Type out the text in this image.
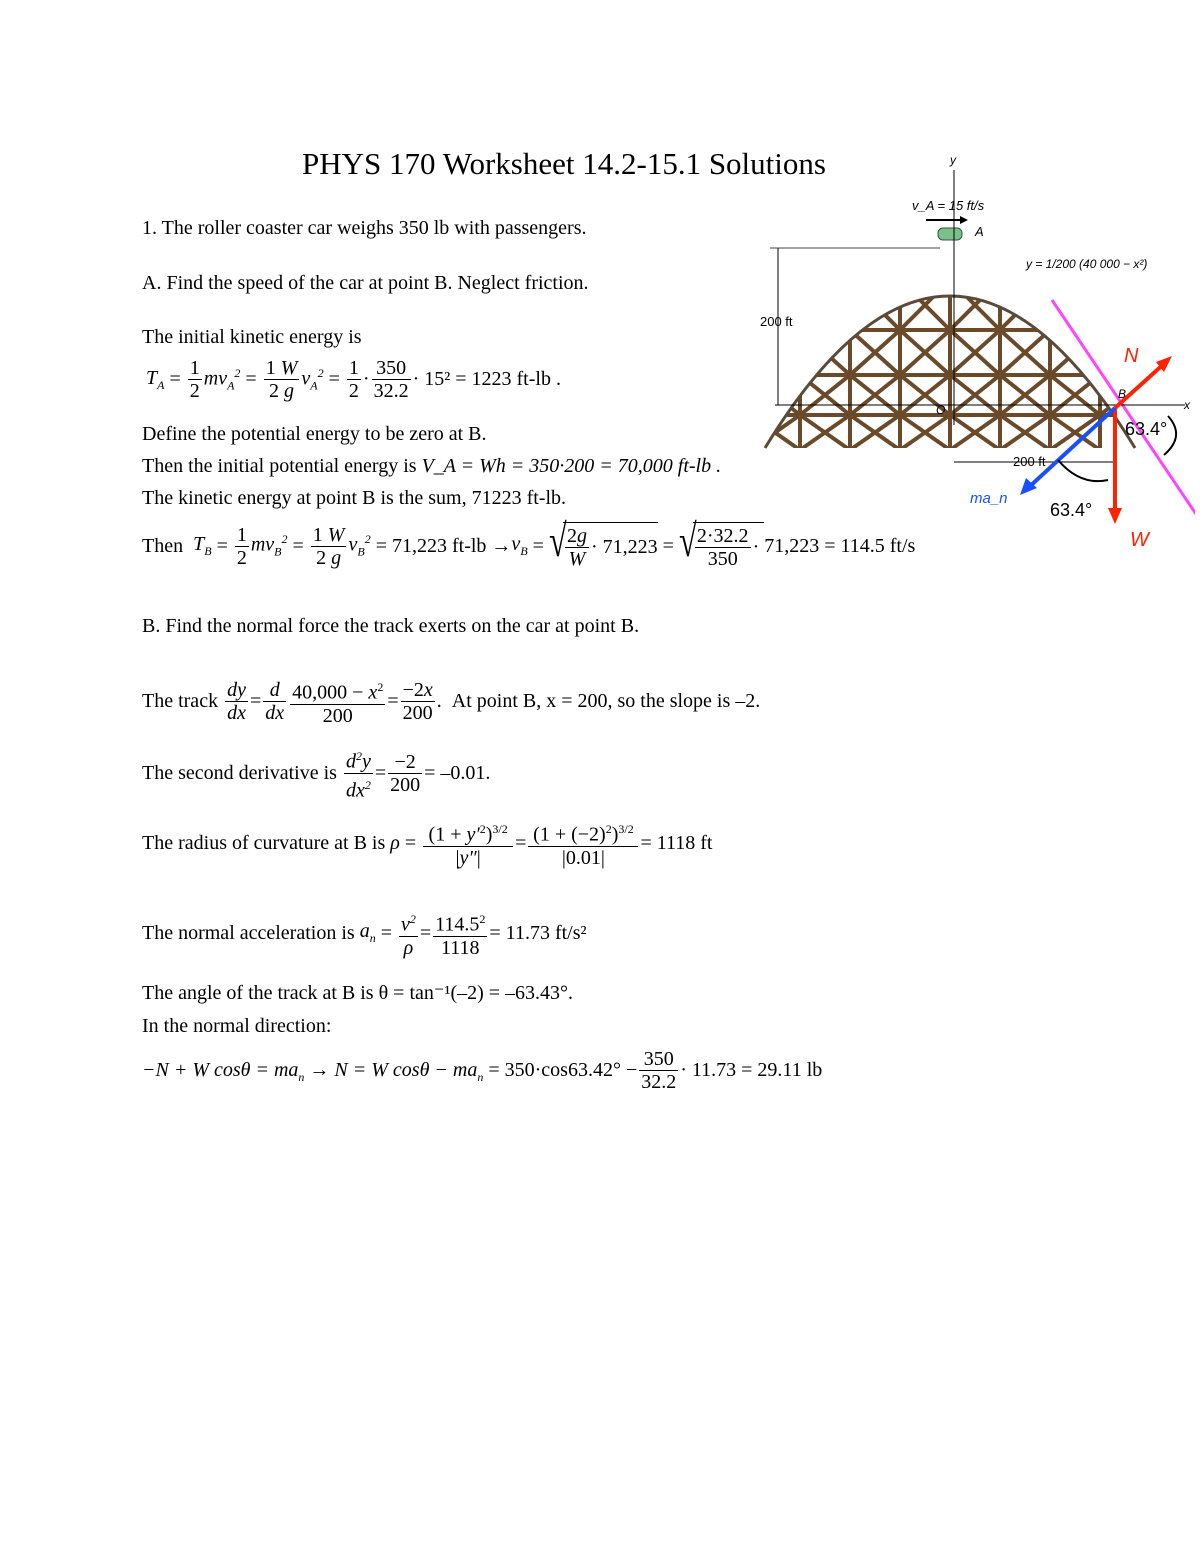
PHYS 170 Worksheet 14.2-15.1 Solutions
1. The roller coaster car weighs 350 lb with passengers.
A. Find the speed of the car at point B. Neglect friction.
The initial kinetic energy is
$T_A = \frac{1}{2} mv_A^2 = \frac{1 W}{2 g} v_A^2 = \frac{1}{2} \cdot \frac{350}{32.2} \cdot 15^2 = 1223$ ft-lb .
Define the potential energy to be zero at B.
Then the initial potential energy is V_A = Wh = 350·200 = 70,000 ft-lb .
The kinetic energy at point B is the sum, 71223 ft-lb.
Then
$T_B = \frac{1}{2} mv_B^2 = \frac{1 W}{2 g} v_B^2 = 71,223$ $ft-lb \to v_B$ = √
$\frac{2g}{W} \cdot 71,223$ = √
$\frac{2\cdot 32.2}{350} \cdot 71,223 = 114.5$ ft/s
B. Find the normal force the track exerts on the car at point B.
The track
$\frac{dy}{dx} = \frac{d}{dx} \frac{40,000 - x^2}{200} = \frac{-2x}{200}$ . At point B, x = 200, so the slope is –2.
The second derivative is
$\frac{d^2y}{dx^2} = \frac{-2}{200} = -0.01$.
The radius of curvature at B is
$\rho = \frac{(1 + y'^2)^{3/2}}{|y''|} = \frac{(1 + (-2)^2)^{3/2}}{|0.01|} = 1118$ ft
The normal acceleration is
$a_n = \frac{v^2}{\rho} = \frac{114.5^2}{1118} = 11.73$ ft/s²
The angle of the track at B is θ = tan⁻¹(–2) = –63.43°.
In the normal direction:
−N + W $\cos\theta = ma_n$
→ N = W $\cos\theta - ma_n$
= $350\cdot\cos 63.42^\circ - \frac{350}{32.2} \cdot 11.73 = 29.11$ lb
y
x
O
v_A = 15 ft/s
A
y = 1/200 (40 000 − x²)
200 ft
200 ft
B
N
W
ma_n
63.4°
63.4°
